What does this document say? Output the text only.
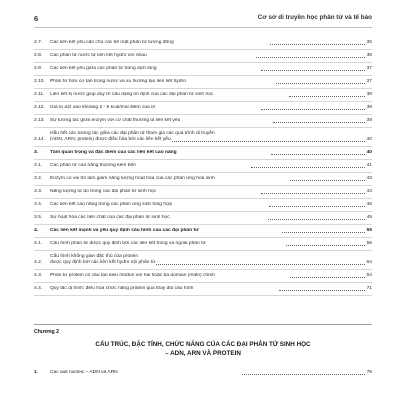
6	Cơ sở di truyền học phân tử và tế bào
2.7.	Các liên kết yếu cần cho các bề mặt phân tử tương đồng	35
2.8.	Các phân tử nước tự liên kết hydro với nhau	36
2.9.	Các liên kết yếu giữa các phân tử trong dịch lỏng	37
2.10.	Phân tử hữu cơ tan trong nước và xu hướng tạo liên kết hydro	37
2.11.	Liên kết kị nước giúp duy trì cấu dạng ổn định của các đại phân tử sinh học	38
2.12.	Giá trị ΔG vào khoảng 2 - 5 kcal/mol điểm của trí	39
2.13.	Sự tương tác giữa enzym với cơ chất thường là liên kết yếu	39
2.14.
Hầu hết các tương tác giữa các đại phân tử tham gia các quá trình di truyền
(ADN, ARN, protein) được điều hòa bởi các liên kết yếu	40
3.	Tầm quan trọng và đặc điểm của các liên kết cao năng	40
3.1.	Các phân tử cao năng thường kém bền	41
3.2.	Enzym có vai trò làm giảm năng lượng hoạt hóa của các phản ứng hóa sinh	43
3.3.	Năng lượng tự do trong các đại phân tử sinh học	44
3.4.	Các liên kết cao năng trong các phản ứng sinh tổng hợp	46
3.5.	Sự hoạt hóa các tiền chất của các đại phân tử sinh học	49
4.	Các liên kết mạnh và yếu quy định cấu hình của các đại phân tử	55
4.1.	Cấu hình phân tử được quy định bởi các liên kết trong và ngoài phân tử	56
4.2.
Cấu hình không gian đặc thù của protein
được quy định bởi các liên kết hydro nội phân tử	64
4.3.	Phân tử protein có cấu tạo kiểu môđun với hai hoặc ba domain (miền) chính	64
4.4.	Quy tắc dị hình: điều hòa chức năng protein qua thay đổi cấu hình	71
Chương 2
CẤU TRÚC, ĐẶC TÍNH, CHỨC NĂNG CỦA CÁC ĐẠI PHÂN TỬ SINH HỌC
– ADN, ARN VÀ PROTEIN
1.	Các axit nucleic – ADN và ARN	76
